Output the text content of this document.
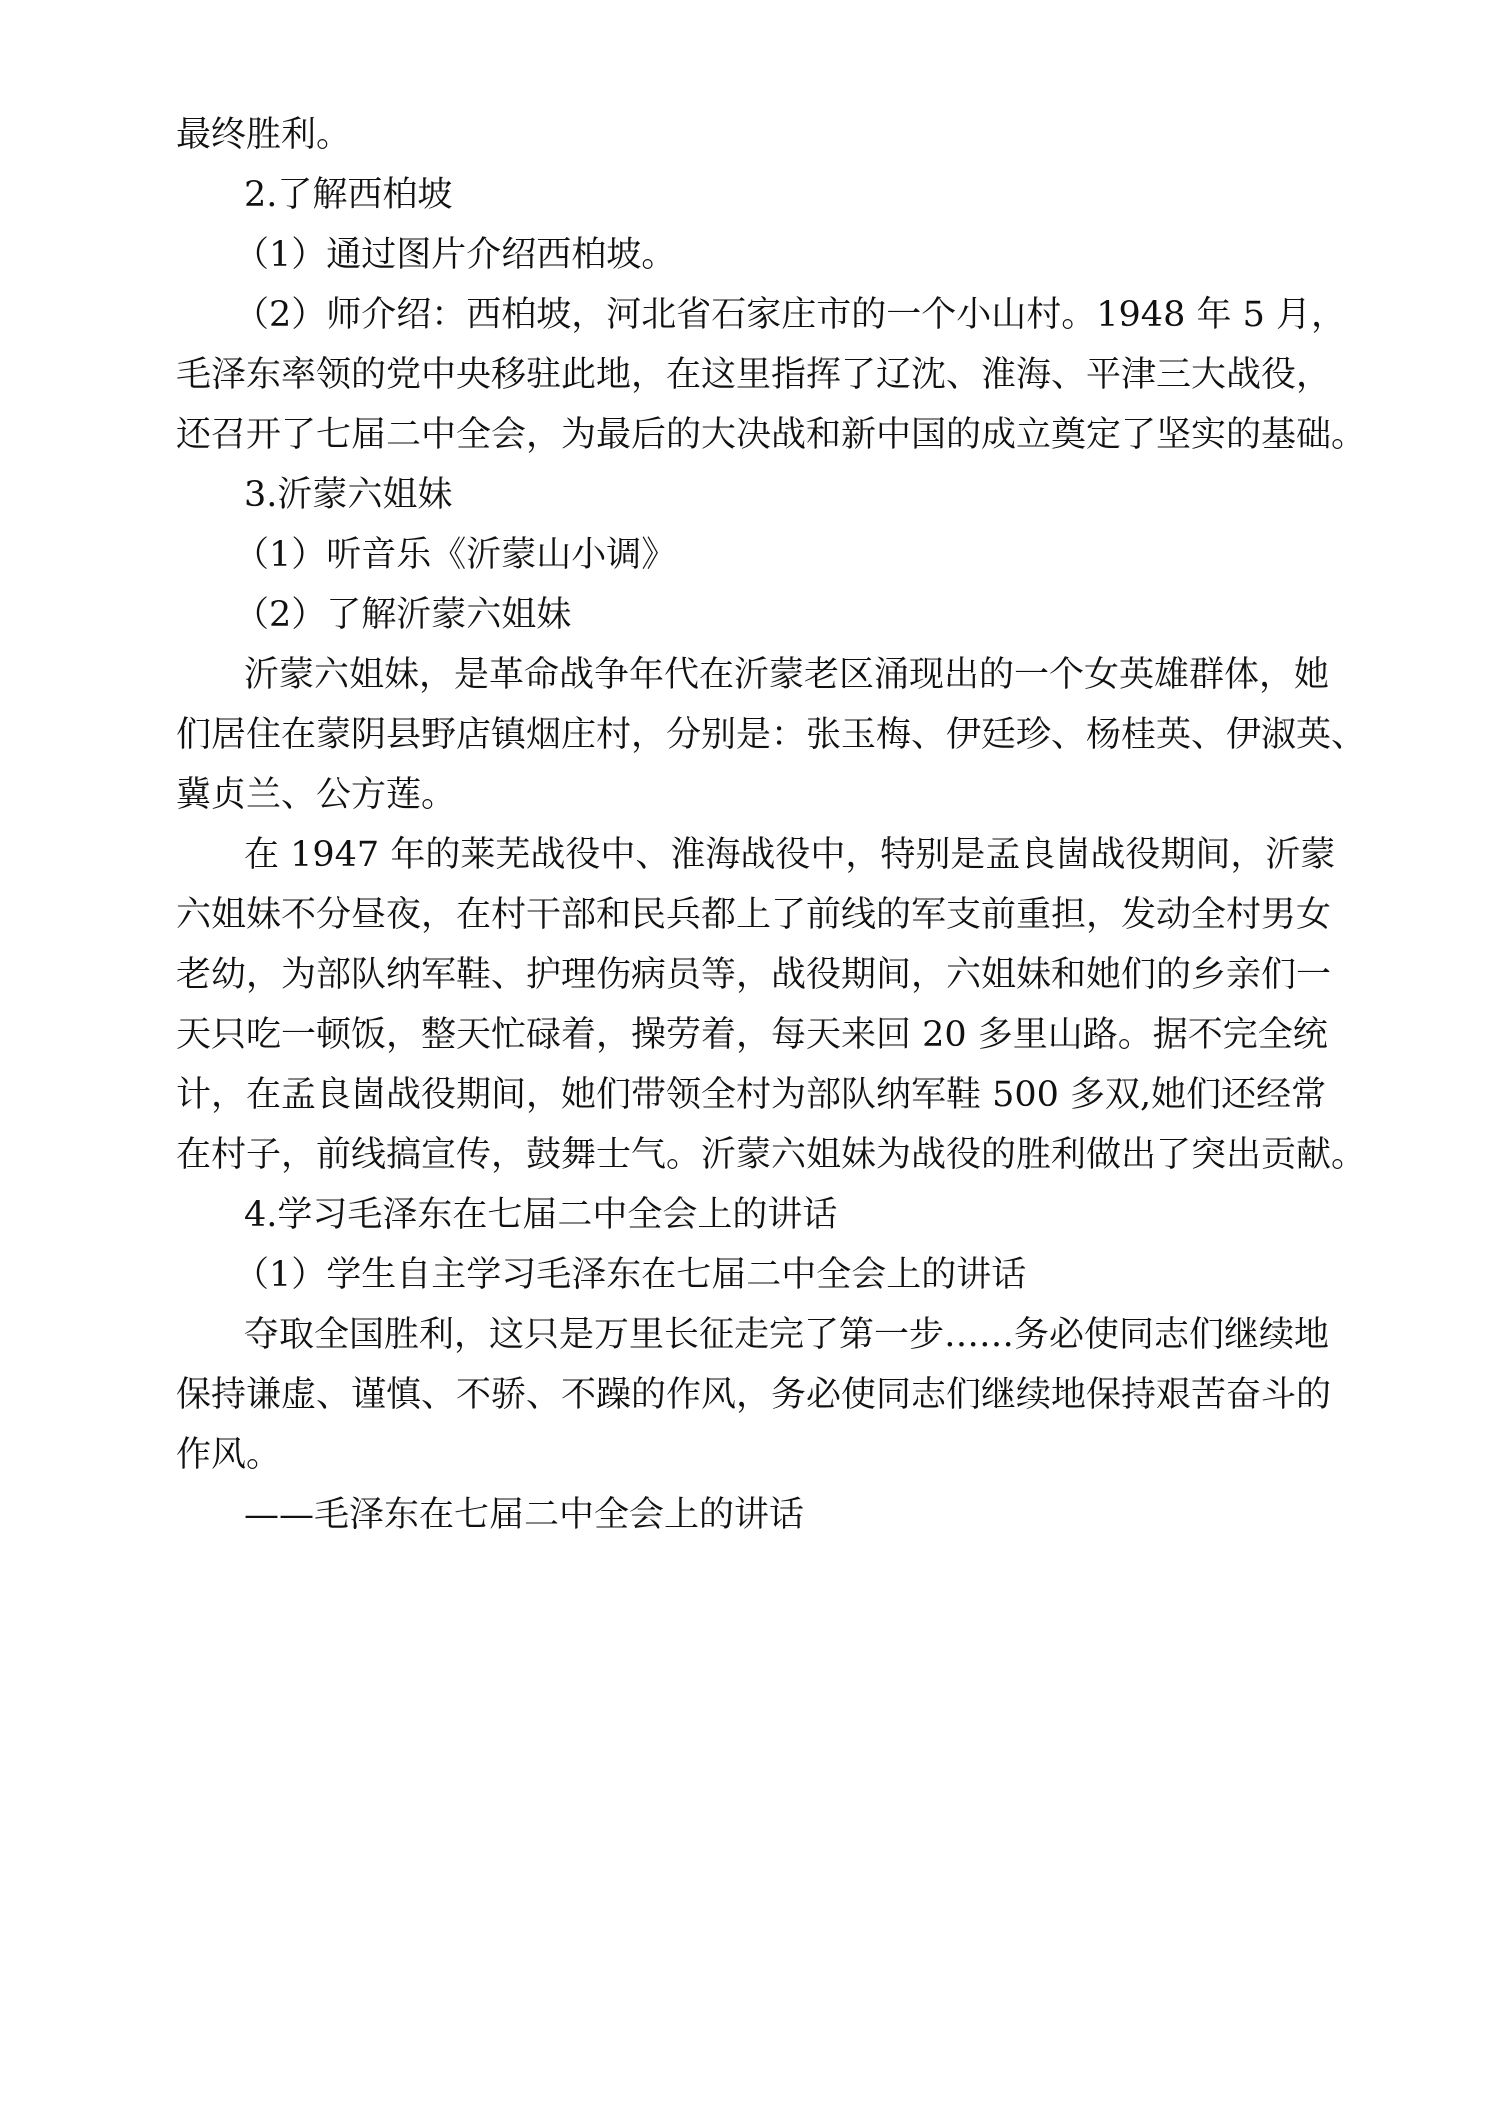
最终胜利。
2.了解西柏坡
（1）通过图片介绍西柏坡。
（2）师介绍：西柏坡，河北省石家庄市的一个小山村。1948 年 5 月，
毛泽东率领的党中央移驻此地，在这里指挥了辽沈、淮海、平津三大战役，
还召开了七届二中全会，为最后的大决战和新中国的成立奠定了坚实的基础。
3.沂蒙六姐妹
（1）听音乐《沂蒙山小调》
（2）了解沂蒙六姐妹
沂蒙六姐妹，是革命战争年代在沂蒙老区涌现出的一个女英雄群体，她
们居住在蒙阴县野店镇烟庄村，分别是：张玉梅、伊廷珍、杨桂英、伊淑英、
冀贞兰、公方莲。
在 1947 年的莱芜战役中、淮海战役中，特别是孟良崮战役期间，沂蒙
六姐妹不分昼夜，在村干部和民兵都上了前线的军支前重担，发动全村男女
老幼，为部队纳军鞋、护理伤病员等，战役期间，六姐妹和她们的乡亲们一
天只吃一顿饭，整天忙碌着，操劳着，每天来回 20 多里山路。据不完全统
计，在孟良崮战役期间，她们带领全村为部队纳军鞋 500 多双,她们还经常
在村子，前线搞宣传，鼓舞士气。沂蒙六姐妹为战役的胜利做出了突出贡献。
4.学习毛泽东在七届二中全会上的讲话
（1）学生自主学习毛泽东在七届二中全会上的讲话
夺取全国胜利，这只是万里长征走完了第一步……务必使同志们继续地
保持谦虚、谨慎、不骄、不躁的作风，务必使同志们继续地保持艰苦奋斗的
作风。
——毛泽东在七届二中全会上的讲话
